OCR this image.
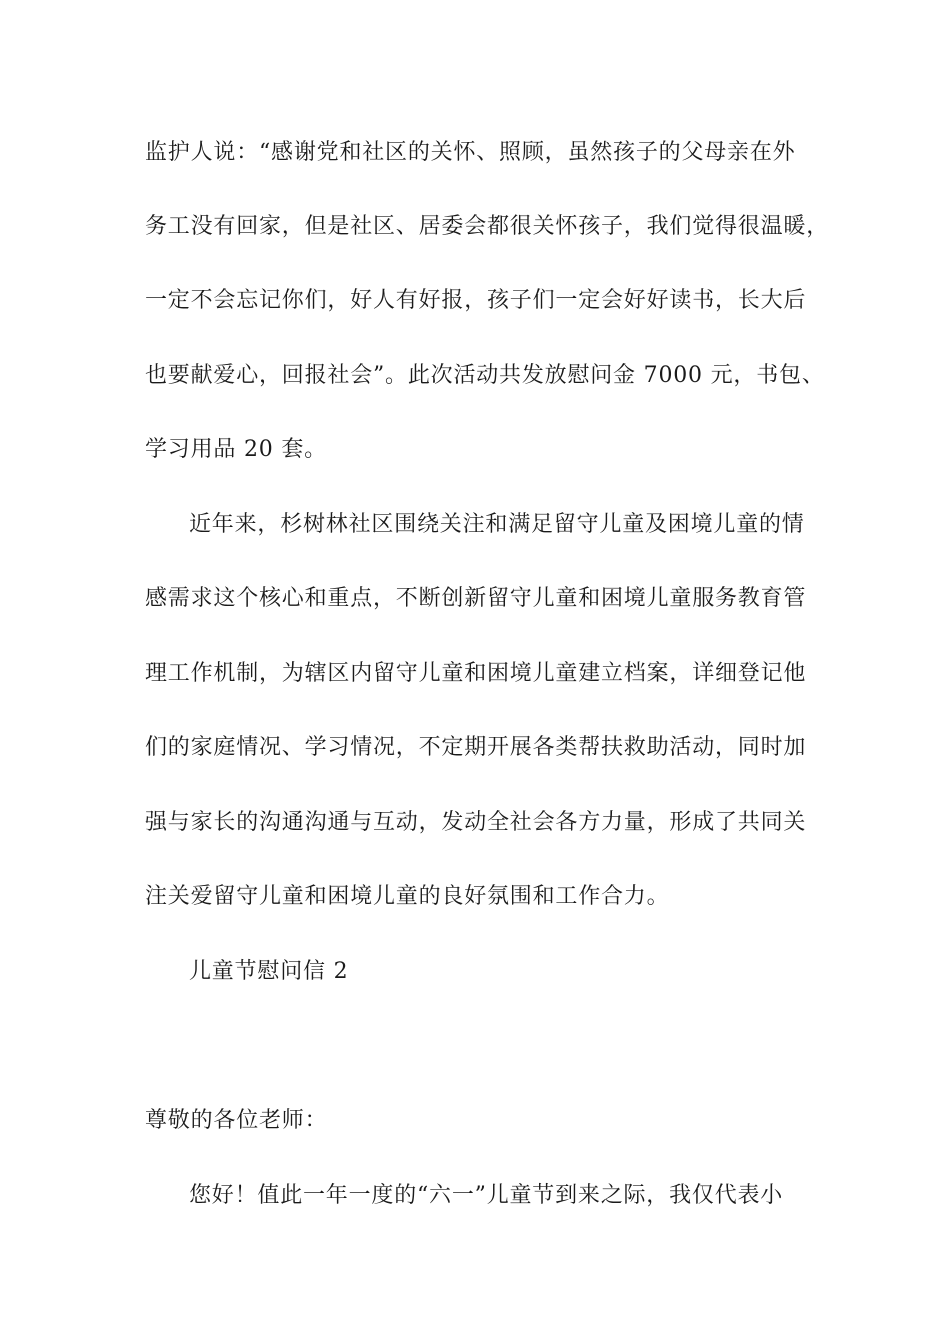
监护人说：“感谢党和社区的关怀、照顾，虽然孩子的父母亲在外
务工没有回家，但是社区、居委会都很关怀孩子，我们觉得很温暖，
一定不会忘记你们，好人有好报，孩子们一定会好好读书，长大后
也要献爱心，回报社会”。此次活动共发放慰问金 7000 元，书包、
学习用品 20 套。
近年来，杉树林社区围绕关注和满足留守儿童及困境儿童的情
感需求这个核心和重点，不断创新留守儿童和困境儿童服务教育管
理工作机制，为辖区内留守儿童和困境儿童建立档案，详细登记他
们的家庭情况、学习情况，不定期开展各类帮扶救助活动，同时加
强与家长的沟通沟通与互动，发动全社会各方力量，形成了共同关
注关爱留守儿童和困境儿童的良好氛围和工作合力。
儿童节慰问信 2
尊敬的各位老师：
您好！值此一年一度的“六一”儿童节到来之际，我仅代表小
